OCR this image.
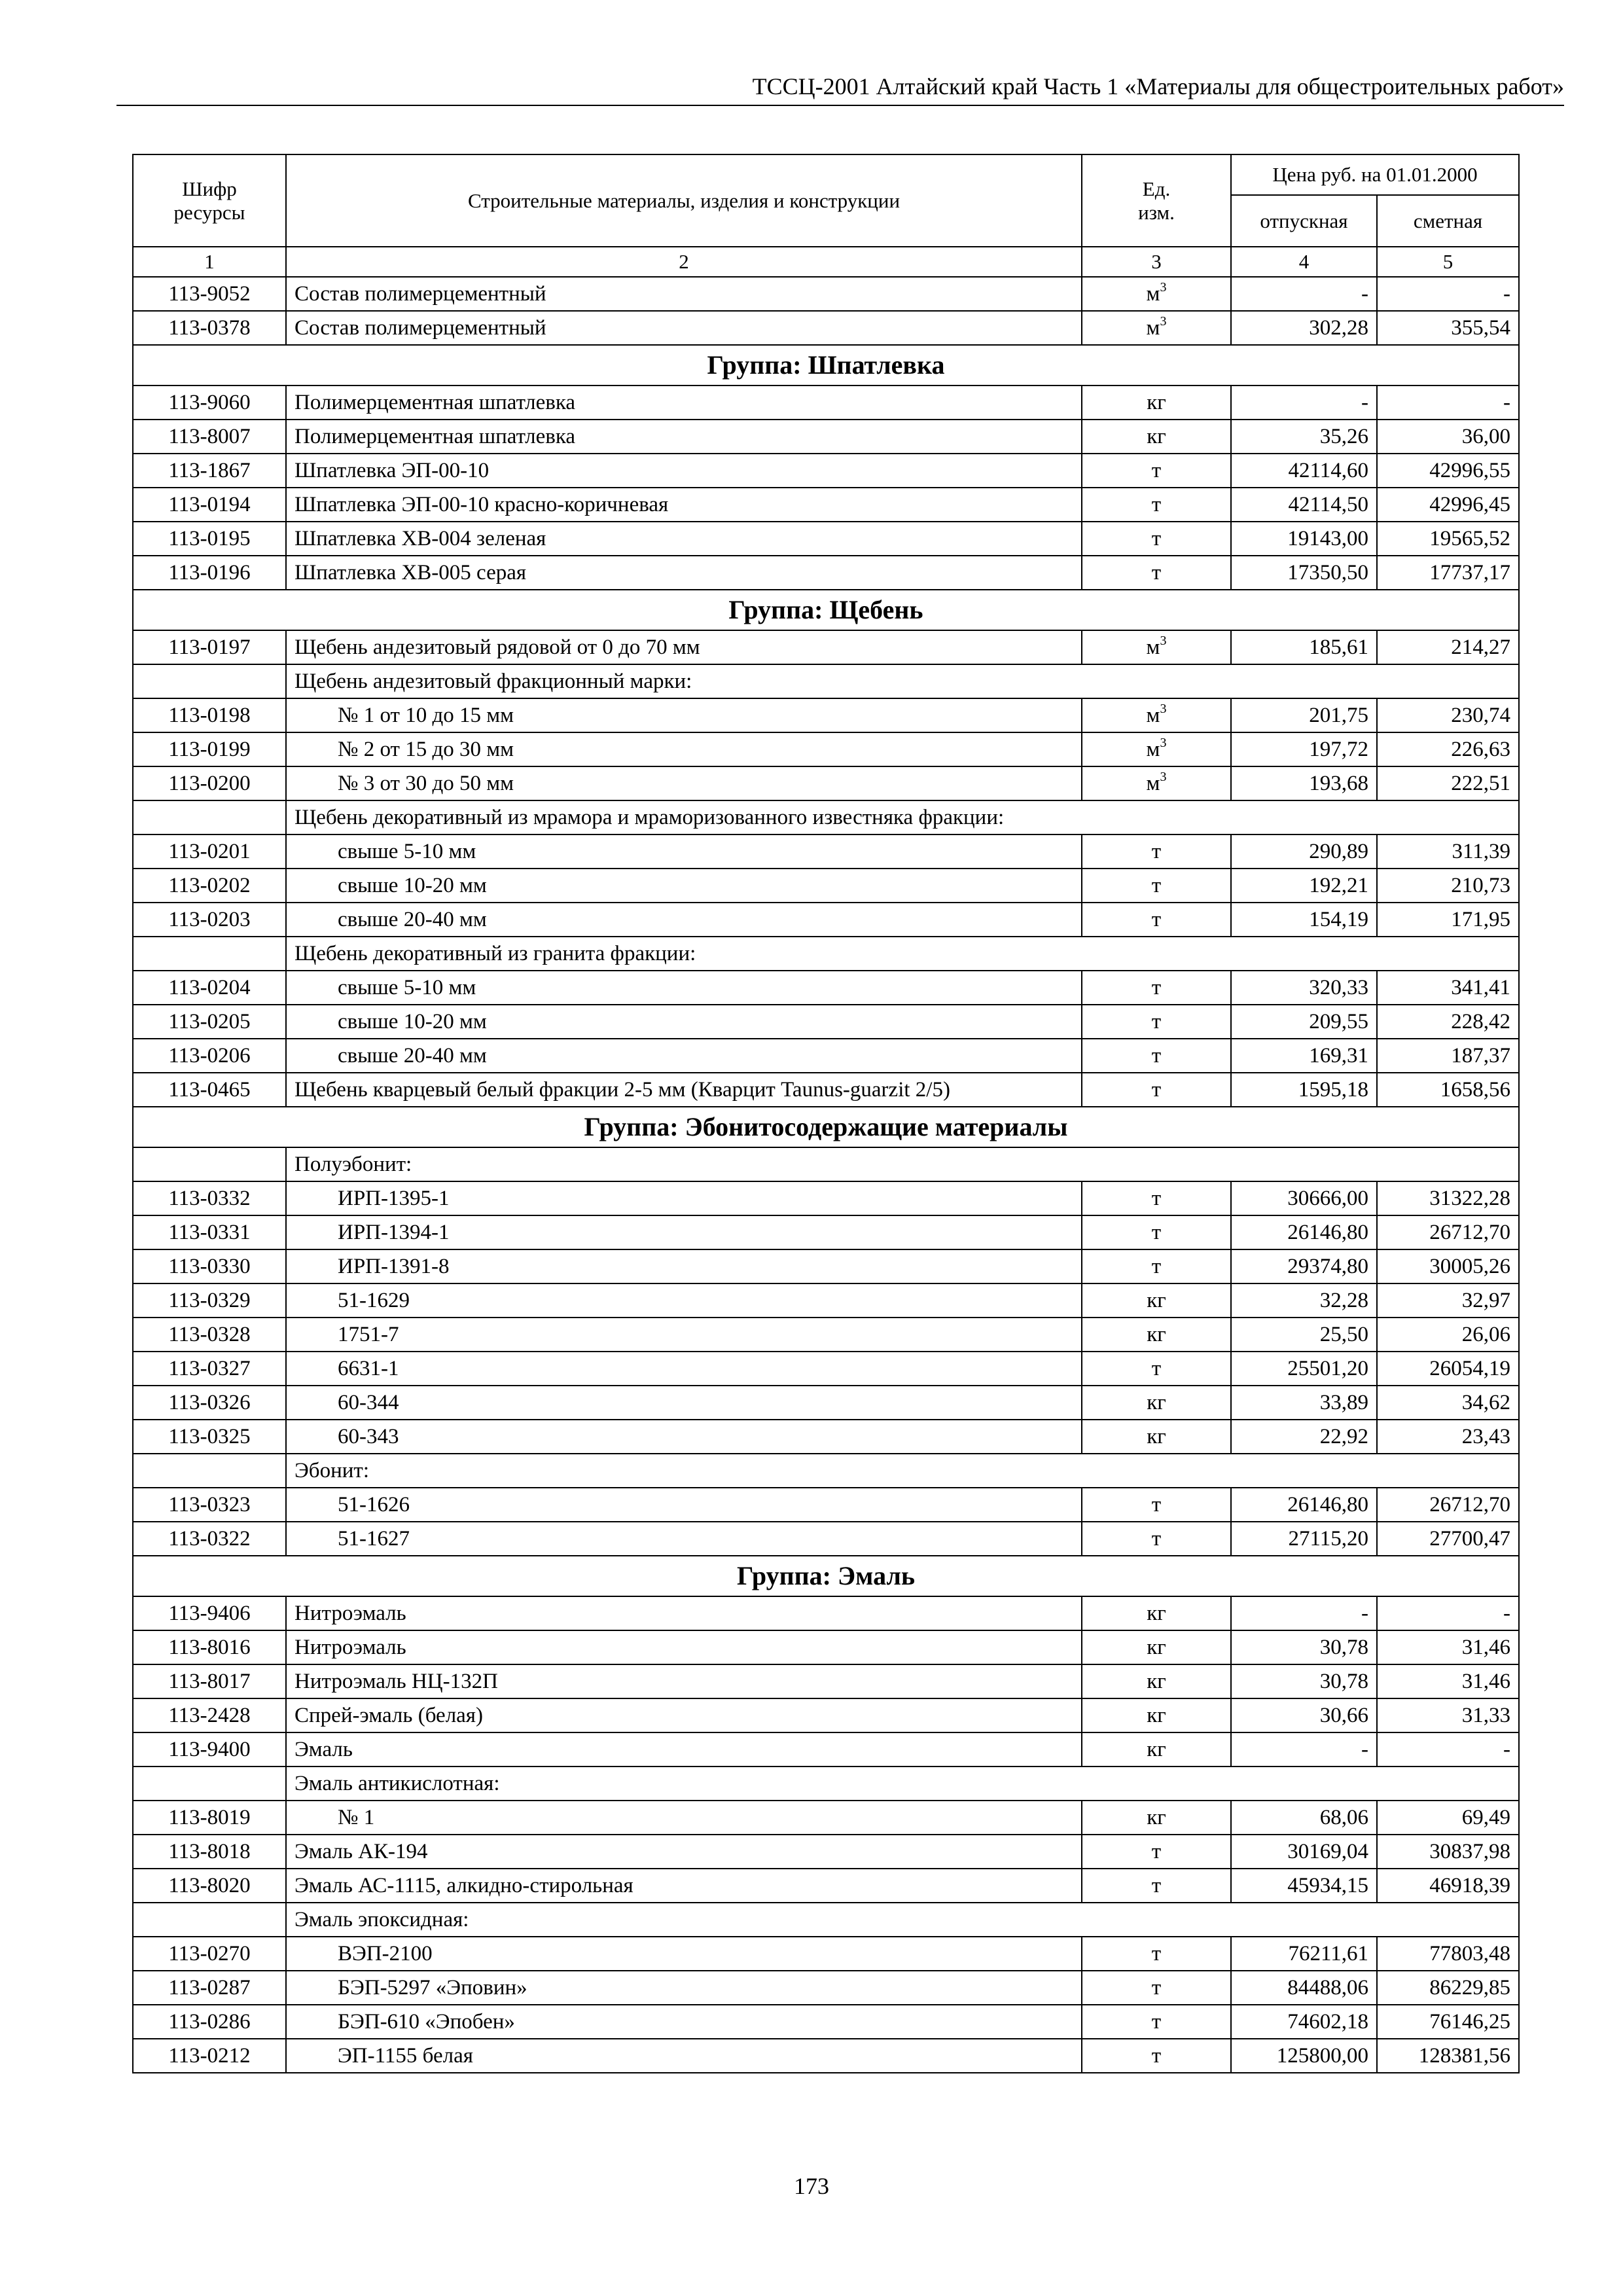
ТССЦ-2001 Алтайский край Часть 1 «Материалы для общестроительных работ»
Шифр ресурсы	Строительные материалы, изделия и конструкции	Ед. изм.	Цена руб. на 01.01.2000	
			отпускная	сметная
1	2	3	4	5
113-9052	Состав полимерцементный	$м^3$	-	-
113-0378	Состав полимерцементный	$м^3$	302,28	355,54
Группа: Шпатлевка				
113-9060	Полимерцементная шпатлевка	кг	-	-
113-8007	Полимерцементная шпатлевка	кг	35,26	36,00
113-1867	Шпатлевка ЭП-00-10	т	42114,60	42996,55
113-0194	Шпатлевка ЭП-00-10 красно-коричневая	т	42114,50	42996,45
113-0195	Шпатлевка ХВ-004 зеленая	т	19143,00	19565,52
113-0196	Шпатлевка ХВ-005 серая	т	17350,50	17737,17
Группа: Щебень				
113-0197	Щебень андезитовый рядовой от 0 до 70 мм	$м^3$	185,61	214,27
	Щебень андезитовый фракционный марки:			
113-0198	№ 1 от 10 до 15 мм	$м^3$	201,75	230,74
113-0199	№ 2 от 15 до 30 мм	$м^3$	197,72	226,63
113-0200	№ 3 от 30 до 50 мм	$м^3$	193,68	222,51
	Щебень декоративный из мрамора и мраморизованного известняка фракции:			
113-0201	свыше 5-10 мм	т	290,89	311,39
113-0202	свыше 10-20 мм	т	192,21	210,73
113-0203	свыше 20-40 мм	т	154,19	171,95
	Щебень декоративный из гранита фракции:			
113-0204	свыше 5-10 мм	т	320,33	341,41
113-0205	свыше 10-20 мм	т	209,55	228,42
113-0206	свыше 20-40 мм	т	169,31	187,37
113-0465	Щебень кварцевый белый фракции 2-5 мм (Кварцит Taunus-guarzit 2/5)	т	1595,18	1658,56
Группа: Эбонитосодержащие материалы				
	Полуэбонит:			
113-0332	ИРП-1395-1	т	30666,00	31322,28
113-0331	ИРП-1394-1	т	26146,80	26712,70
113-0330	ИРП-1391-8	т	29374,80	30005,26
113-0329	51-1629	кг	32,28	32,97
113-0328	1751-7	кг	25,50	26,06
113-0327	6631-1	т	25501,20	26054,19
113-0326	60-344	кг	33,89	34,62
113-0325	60-343	кг	22,92	23,43
	Эбонит:			
113-0323	51-1626	т	26146,80	26712,70
113-0322	51-1627	т	27115,20	27700,47
Группа: Эмаль				
113-9406	Нитроэмаль	кг	-	-
113-8016	Нитроэмаль	кг	30,78	31,46
113-8017	Нитроэмаль НЦ-132П	кг	30,78	31,46
113-2428	Спрей-эмаль (белая)	кг	30,66	31,33
113-9400	Эмаль	кг	-	-
	Эмаль антикислотная:			
113-8019	№ 1	кг	68,06	69,49
113-8018	Эмаль АК-194	т	30169,04	30837,98
113-8020	Эмаль АС-1115, алкидно-стирольная	т	45934,15	46918,39
	Эмаль эпоксидная:			
113-0270	ВЭП-2100	т	76211,61	77803,48
113-0287	БЭП-5297 «Эповин»	т	84488,06	86229,85
113-0286	БЭП-610 «Эпобен»	т	74602,18	76146,25
113-0212	ЭП-1155 белая	т	125800,00	128381,56
173
